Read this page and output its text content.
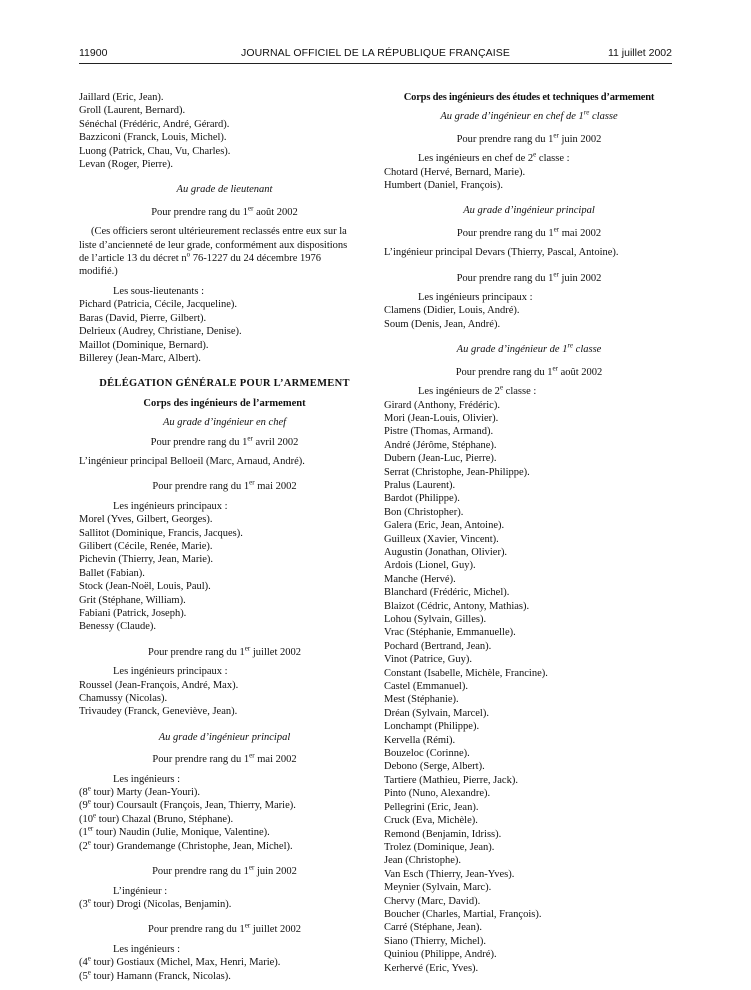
11900	JOURNAL OFFICIEL DE LA RÉPUBLIQUE FRANÇAISE	11 juillet 2002
Jaillard (Eric, Jean).
Groll (Laurent, Bernard).
Sénéchal (Frédéric, André, Gérard).
Bazziconi (Franck, Louis, Michel).
Luong (Patrick, Chau, Vu, Charles).
Levan (Roger, Pierre).
Au grade de lieutenant
Pour prendre rang du 1er août 2002
(Ces officiers seront ultérieurement reclassés entre eux sur la
liste d’ancienneté de leur grade, conformément aux dispositions
de l’article 13 du décret $n^o$ 76-1227 du 24 décembre 1976
modifié.)
Les sous-lieutenants :
Pichard (Patricia, Cécile, Jacqueline).
Baras (David, Pierre, Gilbert).
Delrieux (Audrey, Christiane, Denise).
Maillot (Dominique, Bernard).
Billerey (Jean-Marc, Albert).
DÉLÉGATION GÉNÉRALE POUR L’ARMEMENT
Corps des ingénieurs de l’armement
Au grade d’ingénieur en chef
Pour prendre rang du 1er avril 2002
L’ingénieur principal Belloeil (Marc, Arnaud, André).
Pour prendre rang du 1er mai 2002
Les ingénieurs principaux :
Morel (Yves, Gilbert, Georges).
Sallitot (Dominique, Francis, Jacques).
Gilibert (Cécile, Renée, Marie).
Pichevin (Thierry, Jean, Marie).
Ballet (Fabian).
Stock (Jean-Noël, Louis, Paul).
Grit (Stéphane, William).
Fabiani (Patrick, Joseph).
Benessy (Claude).
Pour prendre rang du 1er juillet 2002
Les ingénieurs principaux :
Roussel (Jean-François, André, Max).
Chamussy (Nicolas).
Trivaudey (Franck, Geneviève, Jean).
Au grade d’ingénieur principal
Pour prendre rang du 1er mai 2002
Les ingénieurs :
(8e tour) Marty (Jean-Youri).
(9e tour) Coursault (François, Jean, Thierry, Marie).
(10e tour) Chazal (Bruno, Stéphane).
(1er tour) Naudin (Julie, Monique, Valentine).
(2e tour) Grandemange (Christophe, Jean, Michel).
Pour prendre rang du 1er juin 2002
L’ingénieur :
(3e tour) Drogi (Nicolas, Benjamin).
Pour prendre rang du 1er juillet 2002
Les ingénieurs :
(4e tour) Gostiaux (Michel, Max, Henri, Marie).
(5e tour) Hamann (Franck, Nicolas).
Corps des ingénieurs des études et techniques d’armement
Au grade d’ingénieur en chef de 1re classe
Pour prendre rang du 1er juin 2002
Les ingénieurs en chef de 2e classe :
Chotard (Hervé, Bernard, Marie).
Humbert (Daniel, François).
Au grade d’ingénieur principal
Pour prendre rang du 1er mai 2002
L’ingénieur principal Devars (Thierry, Pascal, Antoine).
Pour prendre rang du 1er juin 2002
Les ingénieurs principaux :
Clamens (Didier, Louis, André).
Soum (Denis, Jean, André).
Au grade d’ingénieur de 1re classe
Pour prendre rang du 1er août 2002
Les ingénieurs de 2e classe :
Girard (Anthony, Frédéric).
Mori (Jean-Louis, Olivier).
Pistre (Thomas, Armand).
André (Jérôme, Stéphane).
Dubern (Jean-Luc, Pierre).
Serrat (Christophe, Jean-Philippe).
Pralus (Laurent).
Bardot (Philippe).
Bon (Christopher).
Galera (Eric, Jean, Antoine).
Guilleux (Xavier, Vincent).
Augustin (Jonathan, Olivier).
Ardois (Lionel, Guy).
Manche (Hervé).
Blanchard (Frédéric, Michel).
Blaizot (Cédric, Antony, Mathias).
Lohou (Sylvain, Gilles).
Vrac (Stéphanie, Emmanuelle).
Pochard (Bertrand, Jean).
Vinot (Patrice, Guy).
Constant (Isabelle, Michèle, Francine).
Castel (Emmanuel).
Mest (Stéphanie).
Dréan (Sylvain, Marcel).
Lonchampt (Philippe).
Kervella (Rémi).
Bouzeloc (Corinne).
Debono (Serge, Albert).
Tartiere (Mathieu, Pierre, Jack).
Pinto (Nuno, Alexandre).
Pellegrini (Eric, Jean).
Cruck (Eva, Michèle).
Remond (Benjamin, Idriss).
Trolez (Dominique, Jean).
Jean (Christophe).
Van Esch (Thierry, Jean-Yves).
Meynier (Sylvain, Marc).
Chervy (Marc, David).
Boucher (Charles, Martial, François).
Carré (Stéphane, Jean).
Siano (Thierry, Michel).
Quiniou (Philippe, André).
Kerhervé (Eric, Yves).
